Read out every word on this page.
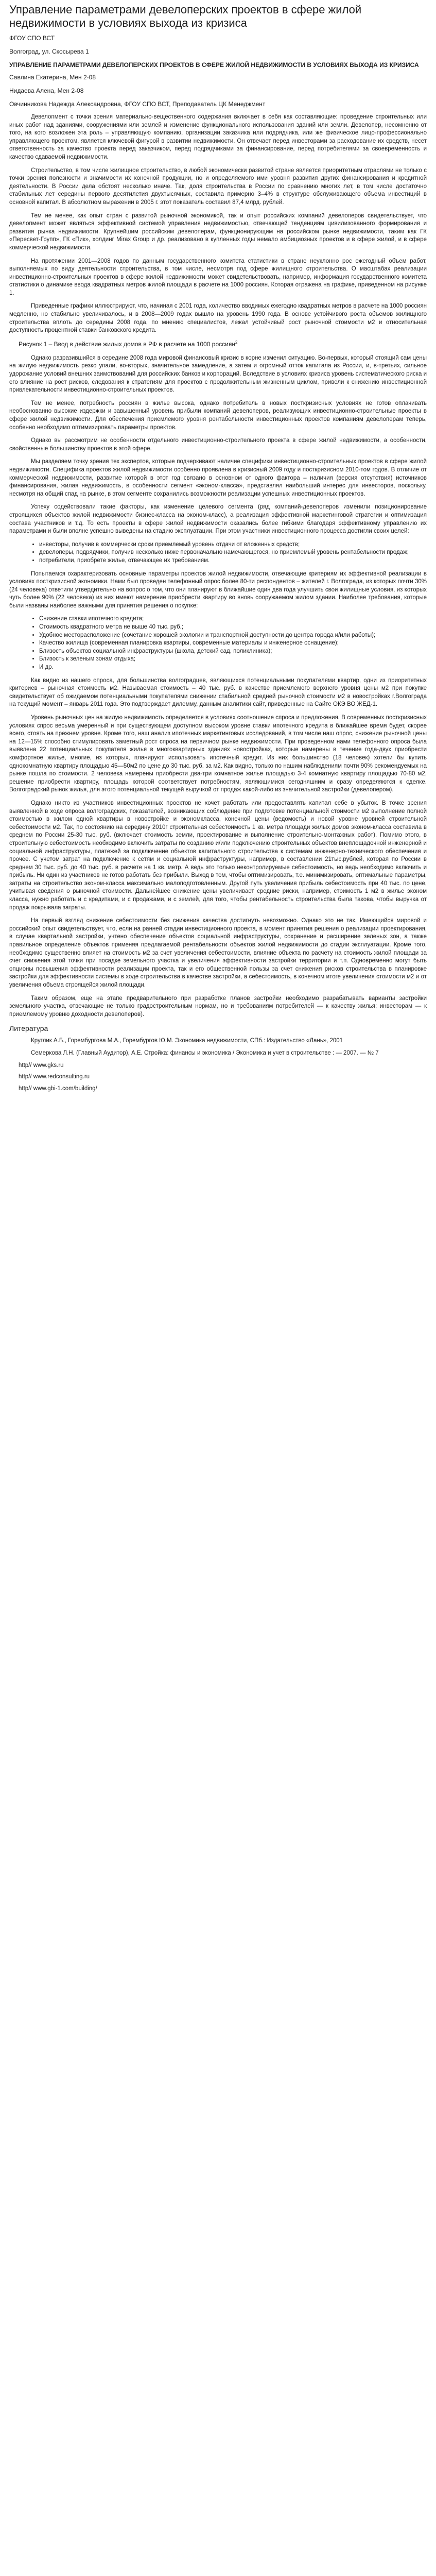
Управление параметрами девелоперских проектов в сфере жилой недвижимости в условиях выхода из кризиса
ФГОУ СПО ВСТ
Волгоград, ул. Скосырева 1
УПРАВЛЕНИЕ ПАРАМЕТРАМИ ДЕВЕЛОПЕРСКИХ ПРОЕКТОВ В СФЕРЕ ЖИЛОЙ НЕДВИЖИМОСТИ В УСЛОВИЯХ ВЫХОДА ИЗ КРИЗИСА
Савлина Екатерина, Мен 2-08
Нидаева Алена, Мен 2-08
Овчинникова Надежда Александровна, ФГОУ СПО ВСТ, Преподаватель ЦК Менеджмент

Девелопмент с точки зрения материально-вещественного содержания включает в себя как составляющие: проведение строительных или иных работ над зданиями, сооружениями или землей и изменение функционального использования зданий или земли. Девелопер, несомненно от того, на кого возложен эта роль – управляющую компанию, организации заказчика или подрядчика, или же физическое лицо-профессионально управляющего проектом, является ключевой фигурой в развитии недвижимости. Он отвечает перед инвесторами за расходование их средств, несет ответственность за качество проекта перед заказчиком, перед подрядчиками за финансирование, перед потребителями за своевременность и качество сдаваемой недвижимости.

Строительство, в том числе жилищное строительство, в любой экономически развитой стране является приоритетным отраслями не только с точки зрения полезности и значимости их конечной продукции, но и определяемого ими уровня развития других финансирования и кредитной деятельности. В России дела обстоят несколько иначе. Так, доля строительства в России по сравнению многих лет, в том числе достаточно стабильных лет середины первого десятилетия двухтысячных, составила примерно 3–4% в структуре обслуживающего объема инвестиций в основной капитал. В абсолютном выражении в 2005 г. этот показатель составил 87,4 млрд. рублей.

Тем не менее, как опыт стран с развитой рыночной экономикой, так и опыт российских компаний девелоперов свидетельствует, что девелопмент может являться эффективной системой управления недвижимостью, отвечающей тенденциям цивилизованного формирования и развития рынка недвижимости. Крупнейшим российским девелоперам, функционирующим на российском рынке недвижимости, таким как ГК «Пересвет-Групп», ГК «Пик», холдинг Mirax Group и др. реализовано в купленных годы немало амбициозных проектов и в сфере жилой, и в сфере коммерческой недвижимости.

На протяжении 2001—2008 годов по данным государственного комитета статистики в стране неуклонно рос ежегодный объем работ, выполняемых по виду деятельности строительства, в том числе, несмотря под сфере жилищного строительства. О масштабах реализации инвестиционно-строительных проектов в сфере жилой недвижимости может свидетельствовать, например, информация государственного комитета статистики о динамике ввода квадратных метров жилой площади в расчете на 1000 россиян. Которая отражена на графике, приведенном на рисунке 1.

Приведенные графики иллюстрируют, что, начиная с 2001 года, количество вводимых ежегодно квадратных метров в расчете на 1000 россиян медленно, но стабильно увеличивалось, и в 2008—2009 годах вышло на уровень 1990 года. В основе устойчивого роста объемов жилищного строительства вплоть до середины 2008 года, по мнению специалистов, лежал устойчивый рост рыночной стоимости м2 и относительная доступность процентной ставки банковского кредита.

Рисунок 1 – Ввод в действие жилых домов в РФ в расчете на 1000 россиян$^2$

Однако разразившийся в середине 2008 года мировой финансовый кризис в корне изменил ситуацию. Во-первых, который стоящий сам цены на жилую недвижимость резко упали, во-вторых, значительное замедление, а затем и огромный отток капитала из России, и, в-третьих, сильное удорожание условий внешних заимствований для российских банков и корпораций. Вследствие в условиях кризиса уровень систематического риска и его влияние на рост рисков, следования к стратегиям для проектов с продолжительным жизненным циклом, привели к снижению инвестиционной привлекательности инвестиционно-строительных проектов.

Тем не менее, потребность россиян в жилье высока, однако потребитель в новых посткризисных условиях не готов оплачивать необоснованно высокие издержки и завышенный уровень прибыли компаний девелоперов, реализующих инвестиционно-строительные проекты в сфере жилой недвижимости. Для обеспечения приемлемого уровня рентабельности инвестиционных проектов компаниям девелоперам теперь, особенно необходимо оптимизировать параметры проектов.

Однако вы рассмотрим не особенности отдельного инвестиционно-строительного проекта в сфере жилой недвижимости, а особенности, свойственные большинству проектов в этой сфере.

Мы разделяем точку зрения тех экспертов, которые подчеркивают наличие специфики инвестиционно-строительных проектов в сфере жилой недвижимости. Специфика проектов жилой недвижимости особенно проявлена в кризисный 2009 году и посткризисном 2010-том годов. В отличие от коммерческой недвижимости, развитие которой в этот год связано в основном от одного фактора – наличия (версия отсутствия) источников финансирования, жилая недвижимость, в особенности сегмент «эконом-класса», представлял наибольший интерес для инвесторов, поскольку, несмотря на общий спад на рынке, в этом сегменте сохранились возможности реализации успешных инвестиционных проектов.

Успеху содействовали такие факторы, как изменение целевого сегмента (ряд компаний-девелоперов изменили позиционирование строящихся объектов жилой недвижимости бизнес-класса на эконом-класс), а реализация эффективной маркетинговой стратегии и оптимизация состава участников и т.д. То есть проекты в сфере жилой недвижимости оказались более гибкими благодаря эффективному управлению их параметрами и были вполне успешно выведены на стадию эксплуатации. При этом участники инвестиционного процесса достигли своих целей:

• инвесторы, получив в коммерчески сроки приемлемый уровень отдачи от вложенных средств;
• девелоперы, подрядчики, получив несколько ниже первоначально намечающегося, но приемлемый уровень рентабельности продаж;
• потребители, приобрете жилье, отвечающее их требованиям.

Попытаемся охарактеризовать основные параметры проектов жилой недвижимости, отвечающие критериям их эффективной реализации в условиях посткризисной экономики. Нами был проведен телефонный опрос более 80-ти респондентов – жителей г. Волгограда, из которых почти 30% (24 человека) ответили утвердительно на вопрос о том, что они планируют в ближайшие один два года улучшить свои жилищные условия, из которых чуть более 90% (22 человека) из них имеют намерение приобрести квартиру во вновь сооружаемом жилом здании. Наиболее требования, которые были названы наиболее важными для принятия решения о покупке:

• Снижение ставки ипотечного кредита;
• Стоимость квадратного метра не выше 40 тыс. руб.;
• Удобное месторасположение (сочетание хорошей экологии и транспортной доступности до центра города и/или работы);
• Качество жилища (современная планировка квартиры, современные материалы и инженерное оснащение);
• Близость объектов социальной инфраструктуры (школа, детский сад, поликлиника);
• Близость к зеленым зонам отдыха;
• И др.

Как видно из нашего опроса, для большинства волгоградцев, являющихся потенциальными покупателями квартир, одни из приоритетных критериев – рыночная стоимость м2. Называемая стоимость – 40 тыс. руб. в качестве приемлемого верхнего уровня цены м2 при покупке свидетельствует об ожидаемом потенциальными покупателями снижении стабильной средней рыночной стоимости м2 в новостройках г.Волгограда на текущий момент – январь 2011 года. Это подтверждает дилемму, данным аналитики сайт, приведенные на Сайте ОКЭ ВО ЖЕД-1.

Уровень рыночных цен на жилую недвижимость определяется в условиях соотношение спроса и предложения. В современных посткризисных условиях спрос весьма умеренный и при существующем доступном высоком уровне ставки ипотечного кредита в ближайшее время будет, скорее всего, стоять на прежнем уровне. Кроме того, наш анализ ипотечных маркетинговых исследований, в том числе наш опрос, снижение рыночной цены на 12—15% способно стимулировать заметный рост спроса на первичном рынке недвижимости. При проведенном нами телефонного опроса была выявлена 22 потенциальных покупателя жилья в многоквартирных зданиях новостройках, которые намерены в течение года-двух приобрести комфортное жилье, многие, из которых, планируют использовать ипотечный кредит. Из них большинство (18 человек) хотели бы купить однокомнатную квартиру площадью 45—50м2 по цене до 30 тыс. руб. за м2. Как видно, только по нашим наблюдениям почти 90% рекомендуемых на рынке пошла по стоимости. 2 человека намерены приобрести два-три комнатное жилье площадью 3-4 комнатную квартиру площадью 70-80 м2, решение приобрести квартиру, площадь которой соответствует потребностям, являющимися сегодняшним и сразу определяются к сделке. Волгоградский рынок жилья, для этого потенциальной текущей выручкой от продаж какой-либо из значительной застройки (девелопером).

Однако никто из участников инвестиционных проектов не хочет работать или предоставлять капитал себе в убыток. В точке зрения выявленной в ходе опроса волгоградских, показателей, возникающих соблюдение при подготовке потенциальной стоимости м2 выполнение полной стоимостью в жилом одной квартиры в новостройке и экономкласса, конечной цены (ведомость) и новой уровне уровней строительной себестоимости м2. Так, по состоянию на середину 2010г строительная себестоимость 1 кв. метра площади жилых домов эконом-класса составила в среднем по России 25-30 тыс. руб. (включает стоимость земли, проектирование и выполнение строительно-монтажных работ). Помимо этого, в строительную себестоимость необходимо включить затраты по созданию и/или подключению строительных объектов внеплощадочной инженерной и социальной инфраструктуры, платежей за подключение объектов капитального строительства к системам инженерно-технического обеспечения и прочее. С учетом затрат на подключение к сетям и социальной инфраструктуры, например, в составлении 21тыс.рублей, которая по России в среднем 30 тыс. руб. до 40 тыс. руб. в расчете на 1 кв. метр. А ведь это только неконтролируемые себестоимость, но ведь необходимо включить и прибыль. Ни один из участников не готов работать без прибыли. Выход в том, чтобы оптимизировать, т.е. минимизировать, оптимальные параметры, затраты на строительство эконом-класса максимально малоподготовленным. Другой путь увеличения прибыль себестоимость при 40 тыс. по цене, учитывая сведения о рыночной стоимости. Дальнейшее снижение цены увеличивает средние риски, например, стоимость 1 м2 в жилье эконом класса, нужно работать и с кредитами, и с продажами, и с землей, для того, чтобы рентабельность строительства была такова, чтобы выручка от продаж покрывала затраты.

На первый взгляд снижение себестоимости без снижения качества достигнуть невозможно. Однако это не так. Имеющийся мировой и российский опыт свидетельствует, что, если на ранней стадии инвестиционного проекта, в момент принятия решения о реализации проектирования, в случае квартальной застройки, учтено обеспечение объектов социальной инфраструктуры, сохранение и расширение зеленых зон, а также правильное определение объектов применяя предлагаемой рентабельности объектов жилой недвижимости до стадии эксплуатации. Кроме того, необходимо существенно влияет на стоимость м2 за счет увеличения себестоимости, влияние объекта по расчету на стоимость жилой площади за счет снижения этой точки при посадке земельного участка и увеличения эффективности застройки территории и т.п. Одновременно могут быть опционы повышения эффективности реализации проекта, так и его общественной пользы за счет снижения рисков строительства в планировке застройки для эффективности системы в ходе строительства в качестве застройки, а себестоимость, в конечном итоге увеличения стоимости м2 и от увеличения объема строящейся жилой площади.

Таким образом, еще на этапе предварительного при разработке планов застройки необходимо разрабатывать варианты застройки земельного участка, отвечающие не только градостроительным нормам, но и требованиям потребителей — к качеству жилья; инвесторам — к приемлемому уровню доходности девелоперов).

Литература

Круглик А.Б., Горембургова М.А., Горембургов Ю.М. Экономика недвижимости, СПб.: Издательство «Лань», 2001

Семеркова Л.Н. (Главный Аудитор), А.Е. Стройка: финансы и экономика / Экономика и учет в строительстве : — 2007. — № 7

http// www.gks.ru
http// www.redconsulting.ru
http// www.gbi-1.com/building/
